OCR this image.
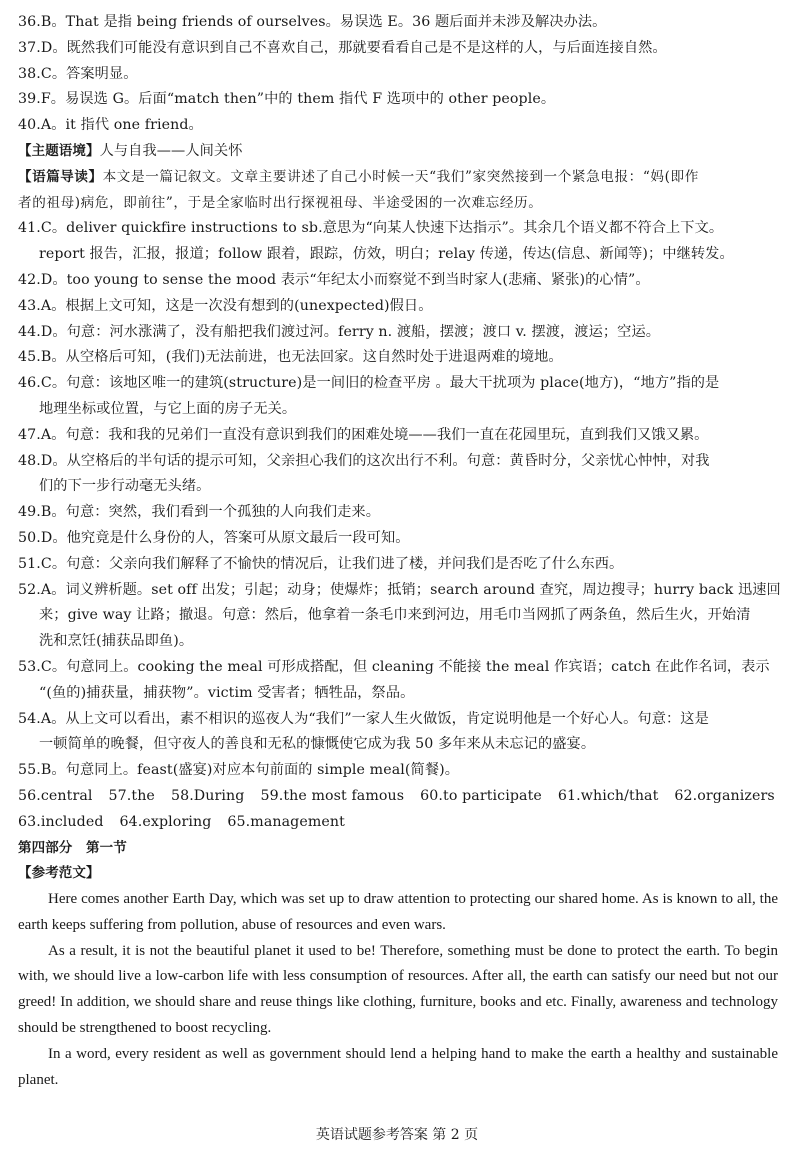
36.B。That 是指 being friends of ourselves。易误选 E。36 题后面并未涉及解决办法。
37.D。既然我们可能没有意识到自己不喜欢自己，那就要看看自己是不是这样的人，与后面连接自然。
38.C。答案明显。
39.F。易误选 G。后面“match then”中的 them 指代 F 选项中的 other people。
40.A。it 指代 one friend。
【主题语境】人与自我——人间关怀
【语篇导读】本文是一篇记叙文。文章主要讲述了自己小时候一天“我们”家突然接到一个紧急电报：“妈(即作
者的祖母)病危，即前往”，于是全家临时出行探视祖母、半途受困的一次难忘经历。
41.C。deliver quickfire instructions to sb.意思为“向某人快速下达指示”。其余几个语义都不符合上下文。
report 报告，汇报，报道；follow 跟着，跟踪，仿效，明白；relay 传递，传达(信息、新闻等)；中继转发。
42.D。too young to sense the mood 表示“年纪太小而察觉不到当时家人(悲痛、紧张)的心情”。
43.A。根据上文可知，这是一次没有想到的(unexpected)假日。
44.D。句意：河水涨满了，没有船把我们渡过河。ferry n. 渡船，摆渡；渡口 v. 摆渡，渡运；空运。
45.B。从空格后可知，(我们)无法前进，也无法回家。这自然时处于进退两难的境地。
46.C。句意：该地区唯一的建筑(structure)是一间旧的检查平房 。最大干扰项为 place(地方)，“地方”指的是
地理坐标或位置，与它上面的房子无关。
47.A。句意：我和我的兄弟们一直没有意识到我们的困难处境——我们一直在花园里玩，直到我们又饿又累。
48.D。从空格后的半句话的提示可知，父亲担心我们的这次出行不利。句意：黄昏时分，父亲忧心忡忡，对我
们的下一步行动毫无头绪。
49.B。句意：突然，我们看到一个孤独的人向我们走来。
50.D。他究竟是什么身份的人，答案可从原文最后一段可知。
51.C。句意：父亲向我们解释了不愉快的情况后，让我们进了楼，并问我们是否吃了什么东西。
52.A。词义辨析题。set off 出发；引起；动身；使爆炸；抵销；search around 查究，周边搜寻；hurry back 迅速回
来；give way 让路；撤退。句意：然后，他拿着一条毛巾来到河边，用毛巾当网抓了两条鱼，然后生火，开始清
洗和烹饪(捕获品即鱼)。
53.C。句意同上。cooking the meal 可形成搭配，但 cleaning 不能接 the meal 作宾语；catch 在此作名词，表示
“(鱼的)捕获量，捕获物”。victim 受害者；牺牲品，祭品。
54.A。从上文可以看出，素不相识的巡夜人为“我们”一家人生火做饭，肯定说明他是一个好心人。句意：这是
一顿简单的晚餐，但守夜人的善良和无私的慷慨使它成为我 50 多年来从未忘记的盛宴。
55.B。句意同上。feast(盛宴)对应本句前面的 simple meal(简餐)。
56.central 57.the 58.During 59.the most famous 60.to participate 61.which/that 62.organizers
63.included 64.exploring 65.management
第四部分　第一节
【参考范文】
Here comes another Earth Day, which was set up to draw attention to protecting our shared home. As is known to all, the earth keeps suffering from pollution, abuse of resources and even wars.
As a result, it is not the beautiful planet it used to be! Therefore, something must be done to protect the earth. To begin with, we should live a low-carbon life with less consumption of resources. After all, the earth can satisfy our need but not our greed! In addition, we should share and reuse things like clothing, furniture, books and etc. Finally, awareness and technology should be strengthened to boost recycling.
In a word, every resident as well as government should lend a helping hand to make the earth a healthy and sustainable planet.
英语试题参考答案 第 2 页
